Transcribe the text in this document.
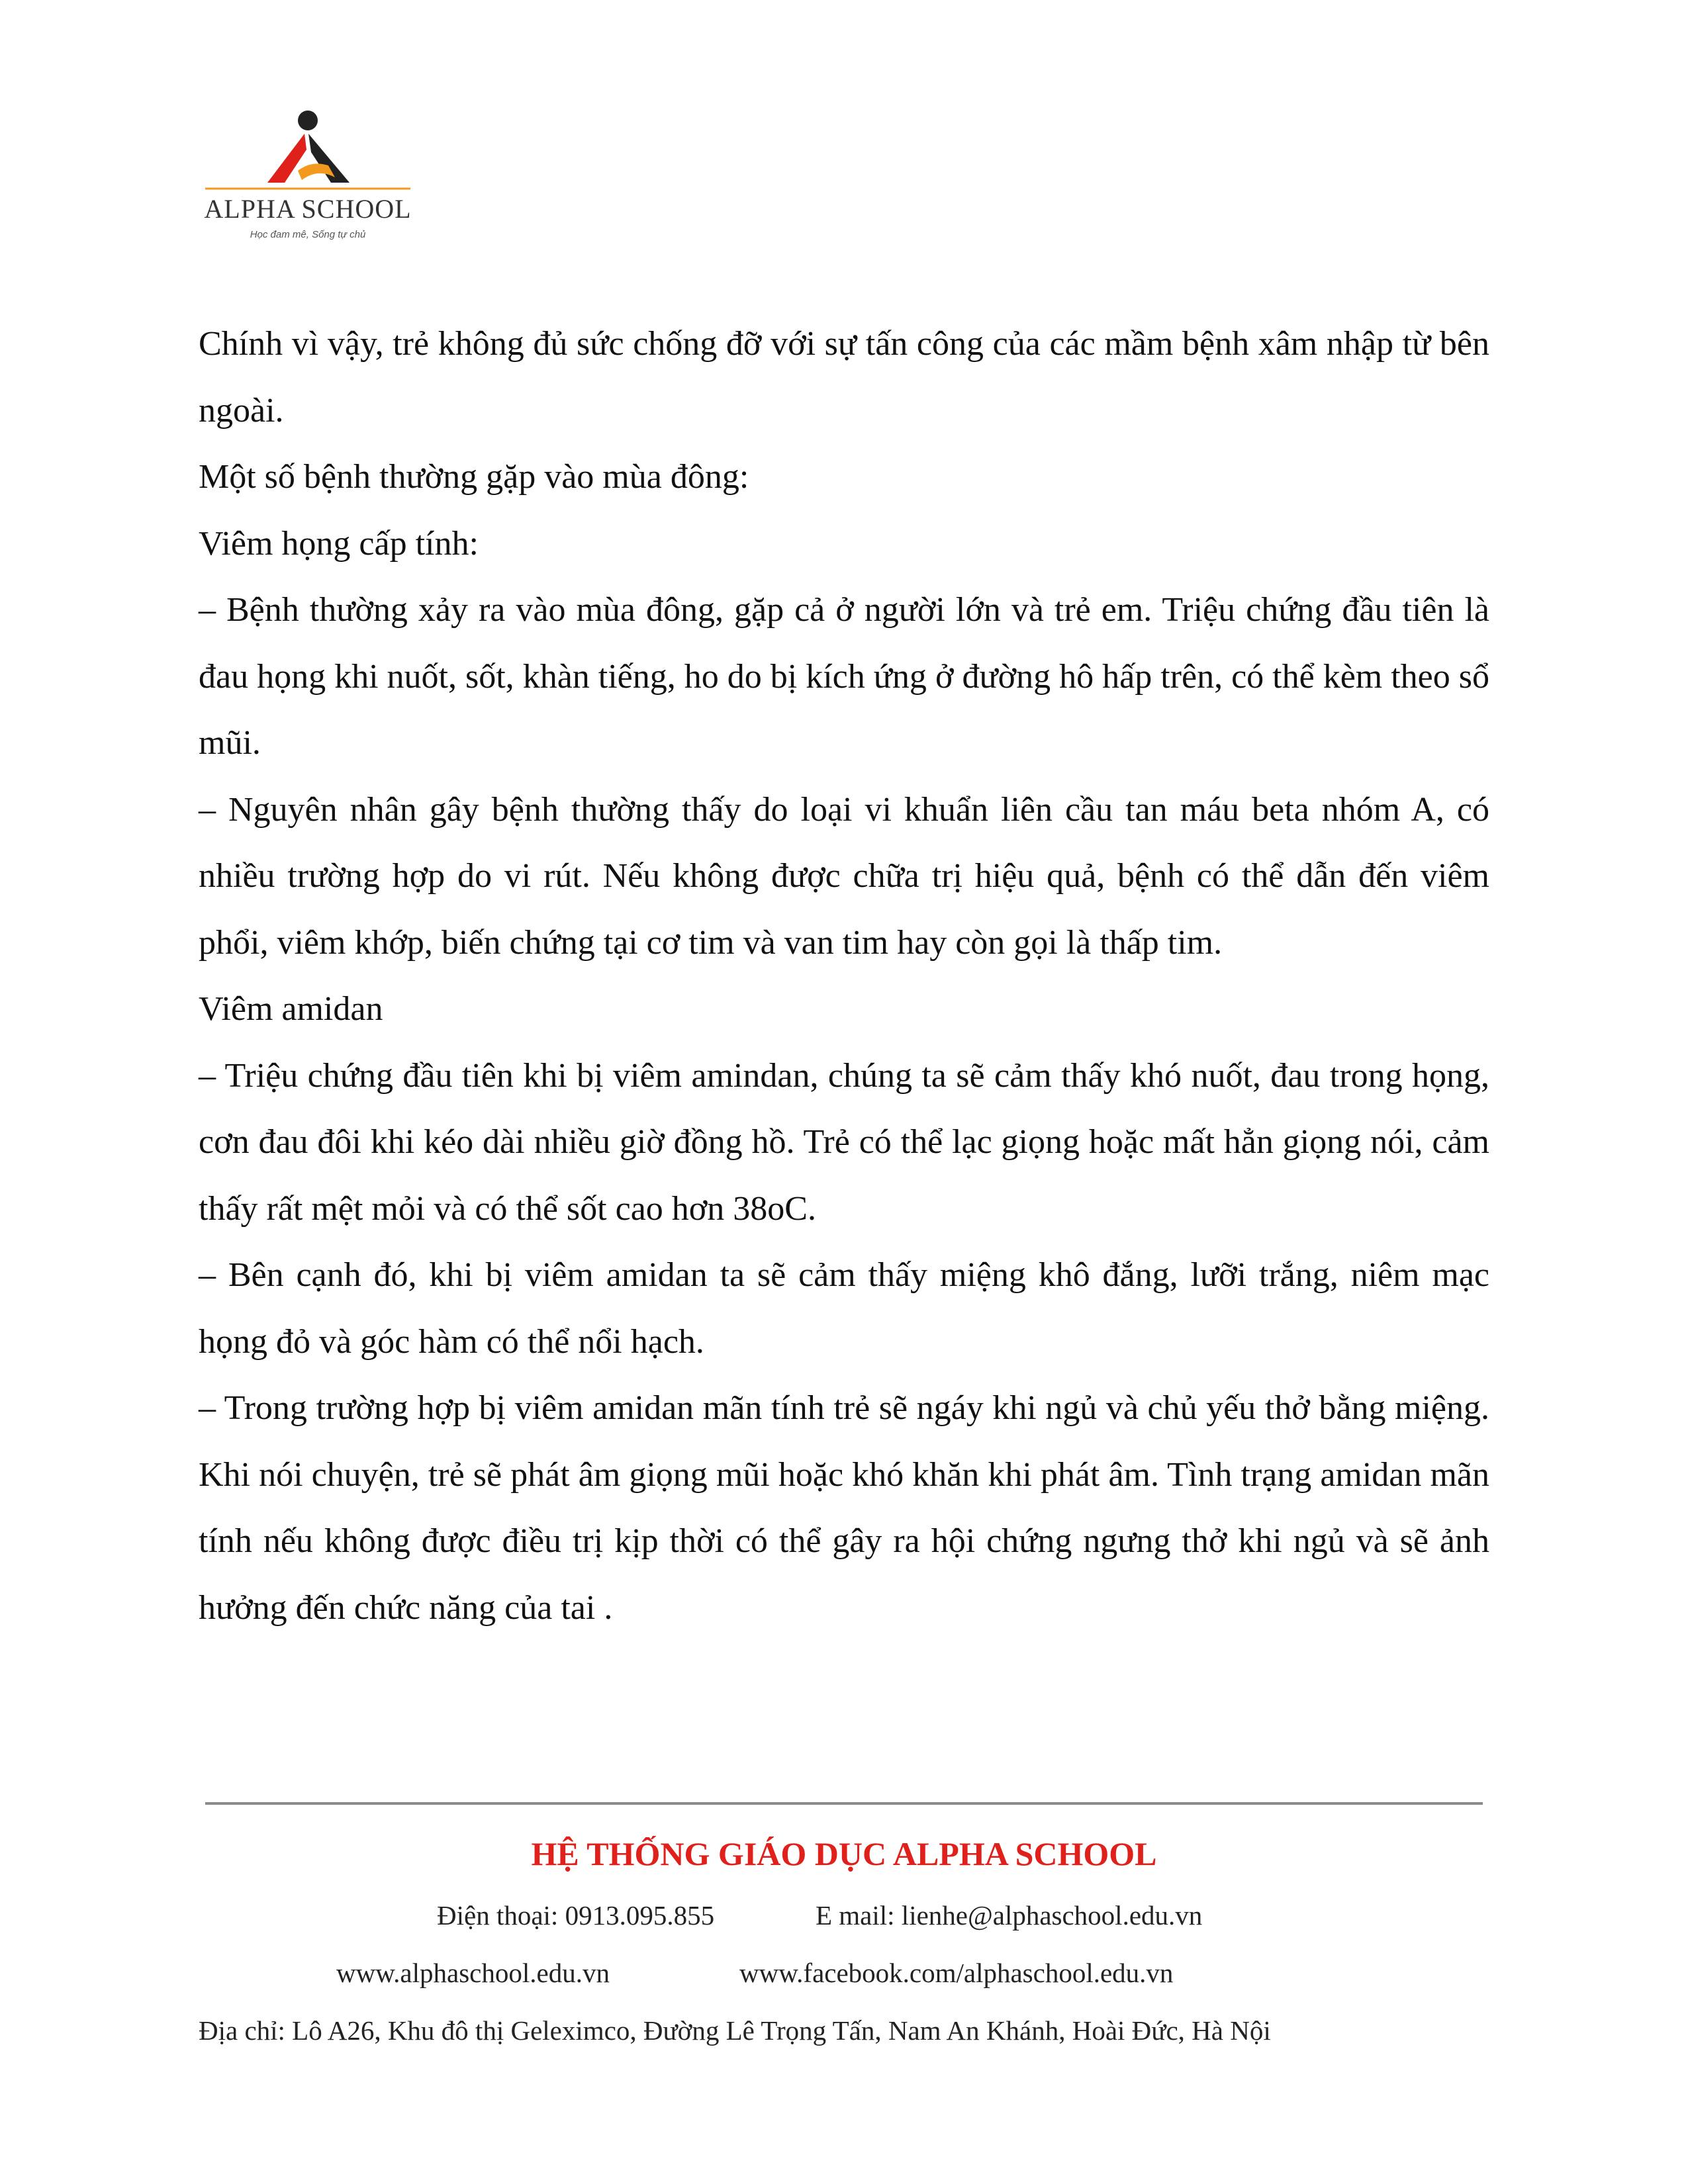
ALPHA SCHOOL
Học đam mê, Sống tự chủ

Chính vì vậy, trẻ không đủ sức chống đỡ với sự tấn công của các mầm bệnh xâm nhập từ bên ngoài.

Một số bệnh thường gặp vào mùa đông:

Viêm họng cấp tính:

– Bệnh thường xảy ra vào mùa đông, gặp cả ở người lớn và trẻ em. Triệu chứng đầu tiên là đau họng khi nuốt, sốt, khàn tiếng, ho do bị kích ứng ở đường hô hấp trên, có thể kèm theo sổ mũi.

– Nguyên nhân gây bệnh thường thấy do loại vi khuẩn liên cầu tan máu beta nhóm A, có nhiều trường hợp do vi rút. Nếu không được chữa trị hiệu quả, bệnh có thể dẫn đến viêm phổi, viêm khớp, biến chứng tại cơ tim và van tim hay còn gọi là thấp tim.

Viêm amidan

– Triệu chứng đầu tiên khi bị viêm amindan, chúng ta sẽ cảm thấy khó nuốt, đau trong họng, cơn đau đôi khi kéo dài nhiều giờ đồng hồ. Trẻ có thể lạc giọng hoặc mất hẳn giọng nói, cảm thấy rất mệt mỏi và có thể sốt cao hơn 38oC.

– Bên cạnh đó, khi bị viêm amidan ta sẽ cảm thấy miệng khô đắng, lưỡi trắng, niêm mạc họng đỏ và góc hàm có thể nổi hạch.

– Trong trường hợp bị viêm amidan mãn tính trẻ sẽ ngáy khi ngủ và chủ yếu thở bằng miệng. Khi nói chuyện, trẻ sẽ phát âm giọng mũi hoặc khó khăn khi phát âm. Tình trạng amidan mãn tính nếu không được điều trị kịp thời có thể gây ra hội chứng ngưng thở khi ngủ và sẽ ảnh hưởng đến chức năng của tai .

HỆ THỐNG GIÁO DỤC ALPHA SCHOOL
Điện thoại: 0913.095.855	E mail: lienhe@alphaschool.edu.vn
www.alphaschool.edu.vn	www.facebook.com/alphaschool.edu.vn
Địa chỉ: Lô A26, Khu đô thị Geleximco, Đường Lê Trọng Tấn, Nam An Khánh, Hoài Đức, Hà Nội
